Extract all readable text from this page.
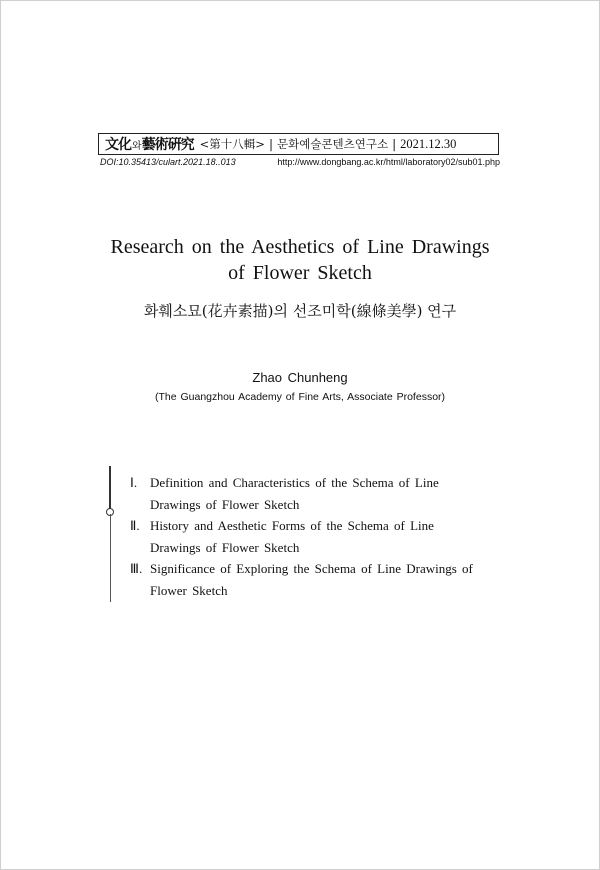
文化와藝術硏究 <第十八輯> | 문화예술콘텐츠연구소 | 2021.12.30
DOI:10.35413/culart.2021.18..013	http://www.dongbang.ac.kr/html/laboratory02/sub01.php
Research on the Aesthetics of Line Drawings
of Flower Sketch
화훼소묘(花卉素描)의 선조미학(線條美學) 연구
Zhao Chunheng
(The Guangzhou Academy of Fine Arts, Associate Professor)
Ⅰ. Definition and Characteristics of the Schema of Line Drawings of Flower Sketch
Ⅱ. History and Aesthetic Forms of the Schema of Line Drawings of Flower Sketch
Ⅲ. Significance of Exploring the Schema of Line Drawings of Flower Sketch
